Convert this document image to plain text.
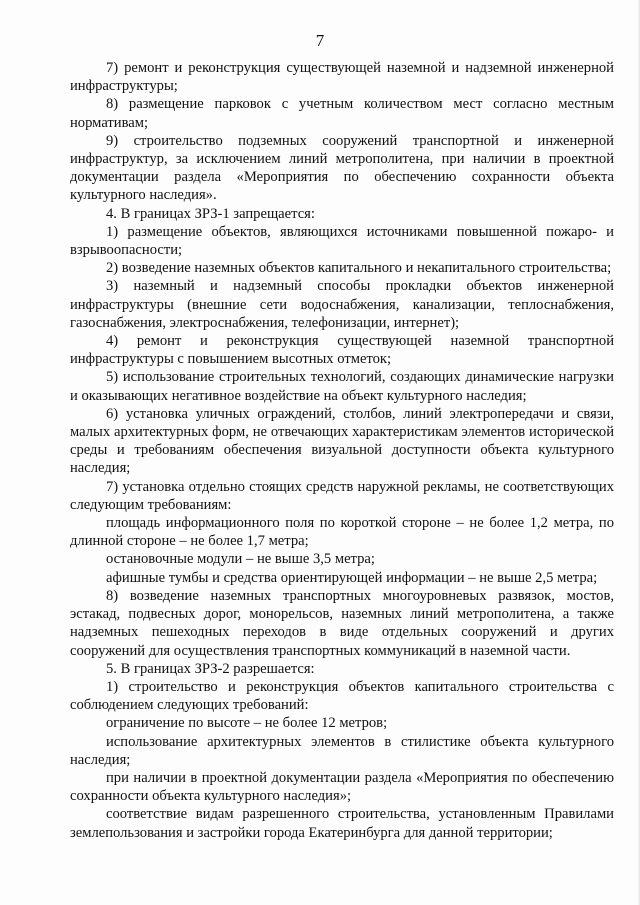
7

7) ремонт и реконструкция существующей наземной и надземной инженерной инфраструктуры;

8) размещение парковок с учетным количеством мест согласно местным нормативам;

9) строительство подземных сооружений транспортной и инженерной инфраструктур, за исключением линий метрополитена, при наличии в проектной документации раздела «Мероприятия по обеспечению сохранности объекта культурного наследия».

4. В границах ЗРЗ-1 запрещается:

1) размещение объектов, являющихся источниками повышенной пожаро- и взрывоопасности;

2) возведение наземных объектов капитального и некапитального строительства;

3) наземный и надземный способы прокладки объектов инженерной инфраструктуры (внешние сети водоснабжения, канализации, теплоснабжения, газоснабжения, электроснабжения, телефонизации, интернет);

4) ремонт и реконструкция существующей наземной транспортной инфраструктуры с повышением высотных отметок;

5) использование строительных технологий, создающих динамические нагрузки и оказывающих негативное воздействие на объект культурного наследия;

6) установка уличных ограждений, столбов, линий электропередачи и связи, малых архитектурных форм, не отвечающих характеристикам элементов исторической среды и требованиям обеспечения визуальной доступности объекта культурного наследия;

7) установка отдельно стоящих средств наружной рекламы, не соответствующих следующим требованиям:

площадь информационного поля по короткой стороне – не более 1,2 метра, по длинной стороне – не более 1,7 метра;

остановочные модули – не выше 3,5 метра;

афишные тумбы и средства ориентирующей информации – не выше 2,5 метра;

8) возведение наземных транспортных многоуровневых развязок, мостов, эстакад, подвесных дорог, монорельсов, наземных линий метрополитена, а также надземных пешеходных переходов в виде отдельных сооружений и других сооружений для осуществления транспортных коммуникаций в наземной части.

5. В границах ЗРЗ-2 разрешается:

1) строительство и реконструкция объектов капитального строительства с соблюдением следующих требований:

ограничение по высоте – не более 12 метров;

использование архитектурных элементов в стилистике объекта культурного наследия;

при наличии в проектной документации раздела «Мероприятия по обеспечению сохранности объекта культурного наследия»;

соответствие видам разрешенного строительства, установленным Правилами землепользования и застройки города Екатеринбурга для данной территории;
